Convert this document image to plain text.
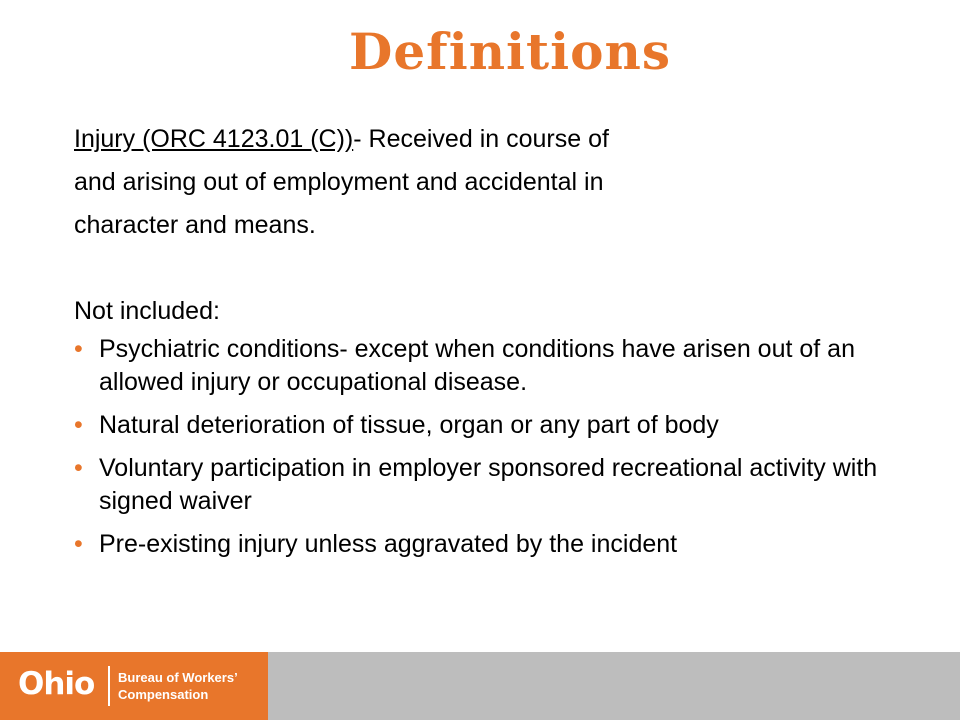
Definitions
Injury (ORC 4123.01 (C))- Received in course of
and arising out of employment and accidental in
character and means.
Not included:
• Psychiatric conditions- except when conditions have arisen out of an allowed injury or occupational disease.
• Natural deterioration of tissue, organ or any part of body
• Voluntary participation in employer sponsored recreational activity with signed waiver
• Pre-existing injury unless aggravated by the incident
Ohio Bureau of Workers’
Compensation
